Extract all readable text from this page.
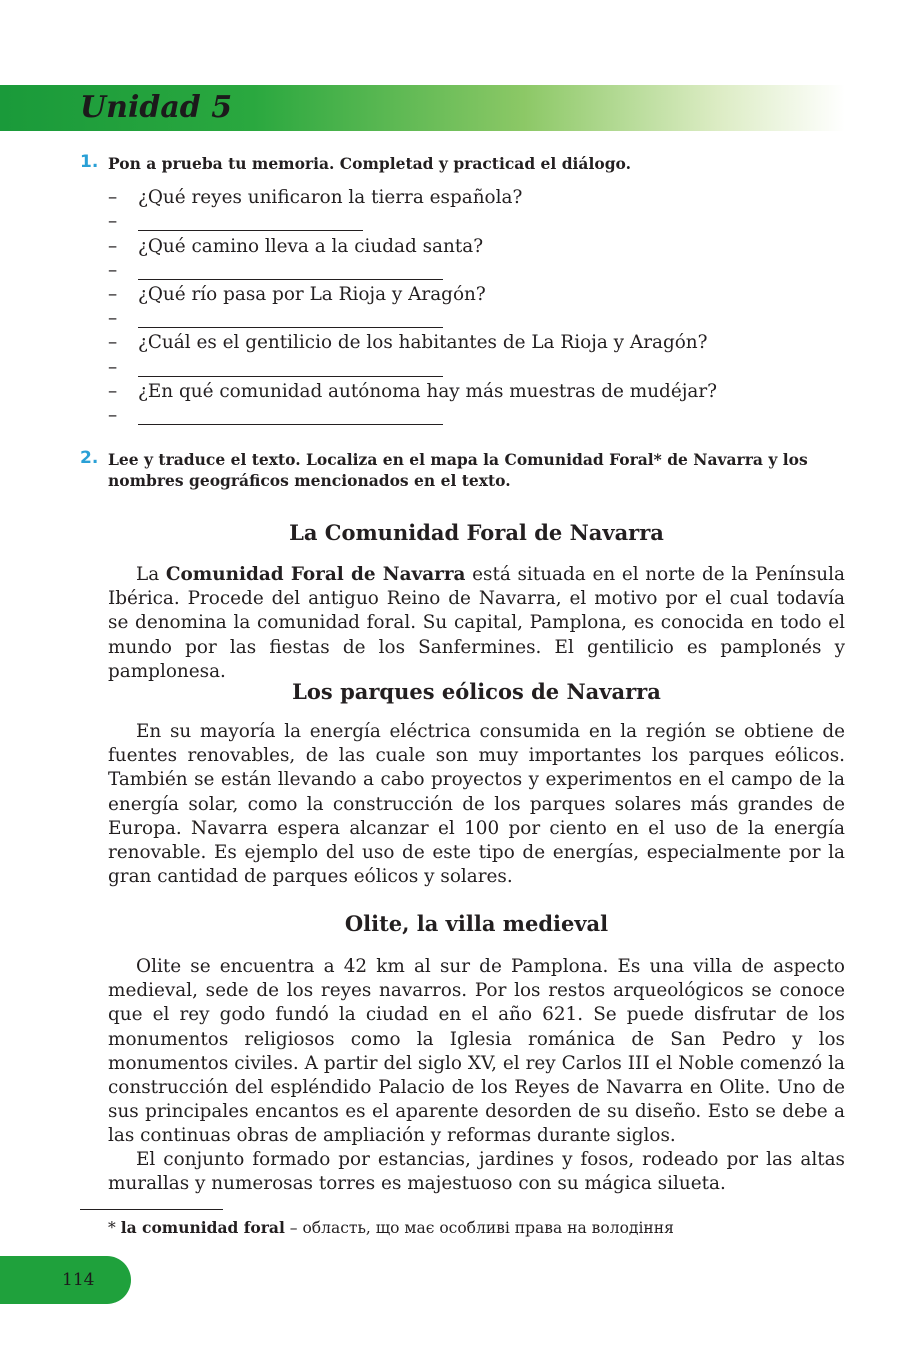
Unidad 5
1. Pon a prueba tu memoria. Completad y practicad el diálogo.
–	¿Qué reyes unificaron la tierra española?
–
–	¿Qué camino lleva a la ciudad santa?
–
–	¿Qué río pasa por La Rioja y Aragón?
–
–	¿Cuál es el gentilicio de los habitantes de La Rioja y Aragón?
–
–	¿En qué comunidad autónoma hay más muestras de mudéjar?
–
2. Lee y traduce el texto. Localiza en el mapa la Comunidad Foral* de Navarra y los nombres geográficos mencionados en el texto.
La Comunidad Foral de Navarra

La Comunidad Foral de Navarra está situada en el norte de la Península Ibérica. Procede del antiguo Reino de Navarra, el motivo por el cual todavía se denomina la comunidad foral. Su capital, Pamplona, es conocida en todo el mundo por las fiestas de los Sanfermines. El gentilicio es pamplonés y pamplonesa.

Los parques eólicos de Navarra

En su mayoría la energía eléctrica consumida en la región se obtiene de fuentes renovables, de las cuale son muy importantes los parques eólicos. También se están llevando a cabo proyectos y experimentos en el campo de la energía solar, como la construcción de los parques solares más grandes de Europa. Navarra espera alcanzar el 100 por ciento en el uso de la energía renovable. Es ejemplo del uso de este tipo de energías, especialmente por la gran cantidad de parques eólicos y solares.

Olite, la villa medieval

Olite se encuentra a 42 km al sur de Pamplona. Es una villa de aspecto medieval, sede de los reyes navarros. Por los restos arqueológicos se conoce que el rey godo fundó la ciudad en el año 621. Se puede disfrutar de los monumentos religiosos como la Iglesia románica de San Pedro y los monumentos civiles. A partir del siglo XV, el rey Carlos III el Noble comenzó la construcción del espléndido Palacio de los Reyes de Navarra en Olite. Uno de sus principales encantos es el aparente desorden de su diseño. Esto se debe a las continuas obras de ampliación y reformas durante siglos.

El conjunto formado por estancias, jardines y fosos, rodeado por las altas murallas y numerosas torres es majestuoso con su mágica silueta.

* la comunidad foral – область, що має особливі права на володіння
114
